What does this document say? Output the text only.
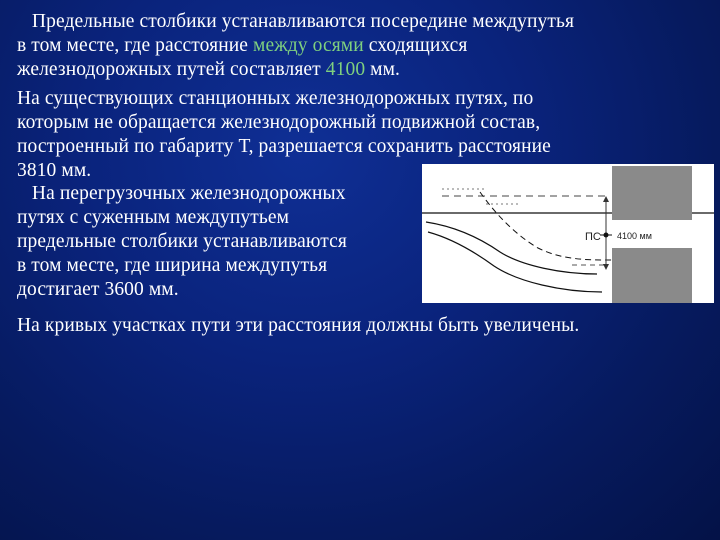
Предельные столбики устанавливаются посередине междупутья
в том месте, где расстояние между осями сходящихся
железнодорожных путей составляет 4100 мм.
На существующих станционных железнодорожных путях, по
которым не обращается железнодорожный подвижной состав,
построенный по габариту Т, разрешается сохранить расстояние
3810 мм.
На перегрузочных железнодорожных
путях с суженным междупутьем
предельные столбики устанавливаются
в том месте, где ширина междупутья
достигает 3600 мм.
ПС 4100 мм
На кривых участках пути эти расстояния должны быть увеличены.
